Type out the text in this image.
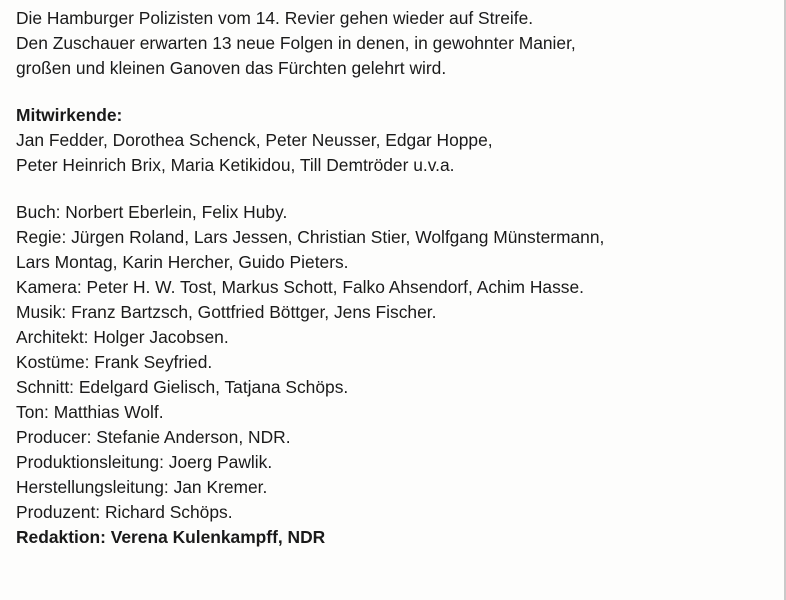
Die Hamburger Polizisten vom 14. Revier gehen wieder auf Streife.
Den Zuschauer erwarten 13 neue Folgen in denen, in gewohnter Manier,
großen und kleinen Ganoven das Fürchten gelehrt wird.
Mitwirkende:
Jan Fedder, Dorothea Schenck, Peter Neusser, Edgar Hoppe,
Peter Heinrich Brix, Maria Ketikidou, Till Demtröder u.v.a.
Buch: Norbert Eberlein, Felix Huby.
Regie: Jürgen Roland, Lars Jessen, Christian Stier, Wolfgang Münstermann,
Lars Montag, Karin Hercher, Guido Pieters.
Kamera: Peter H. W. Tost, Markus Schott, Falko Ahsendorf, Achim Hasse.
Musik: Franz Bartzsch, Gottfried Böttger, Jens Fischer.
Architekt: Holger Jacobsen.
Kostüme: Frank Seyfried.
Schnitt: Edelgard Gielisch, Tatjana Schöps.
Ton: Matthias Wolf.
Producer: Stefanie Anderson, NDR.
Produktionsleitung: Joerg Pawlik.
Herstellungsleitung: Jan Kremer.
Produzent: Richard Schöps.
Redaktion: Verena Kulenkampff, NDR
